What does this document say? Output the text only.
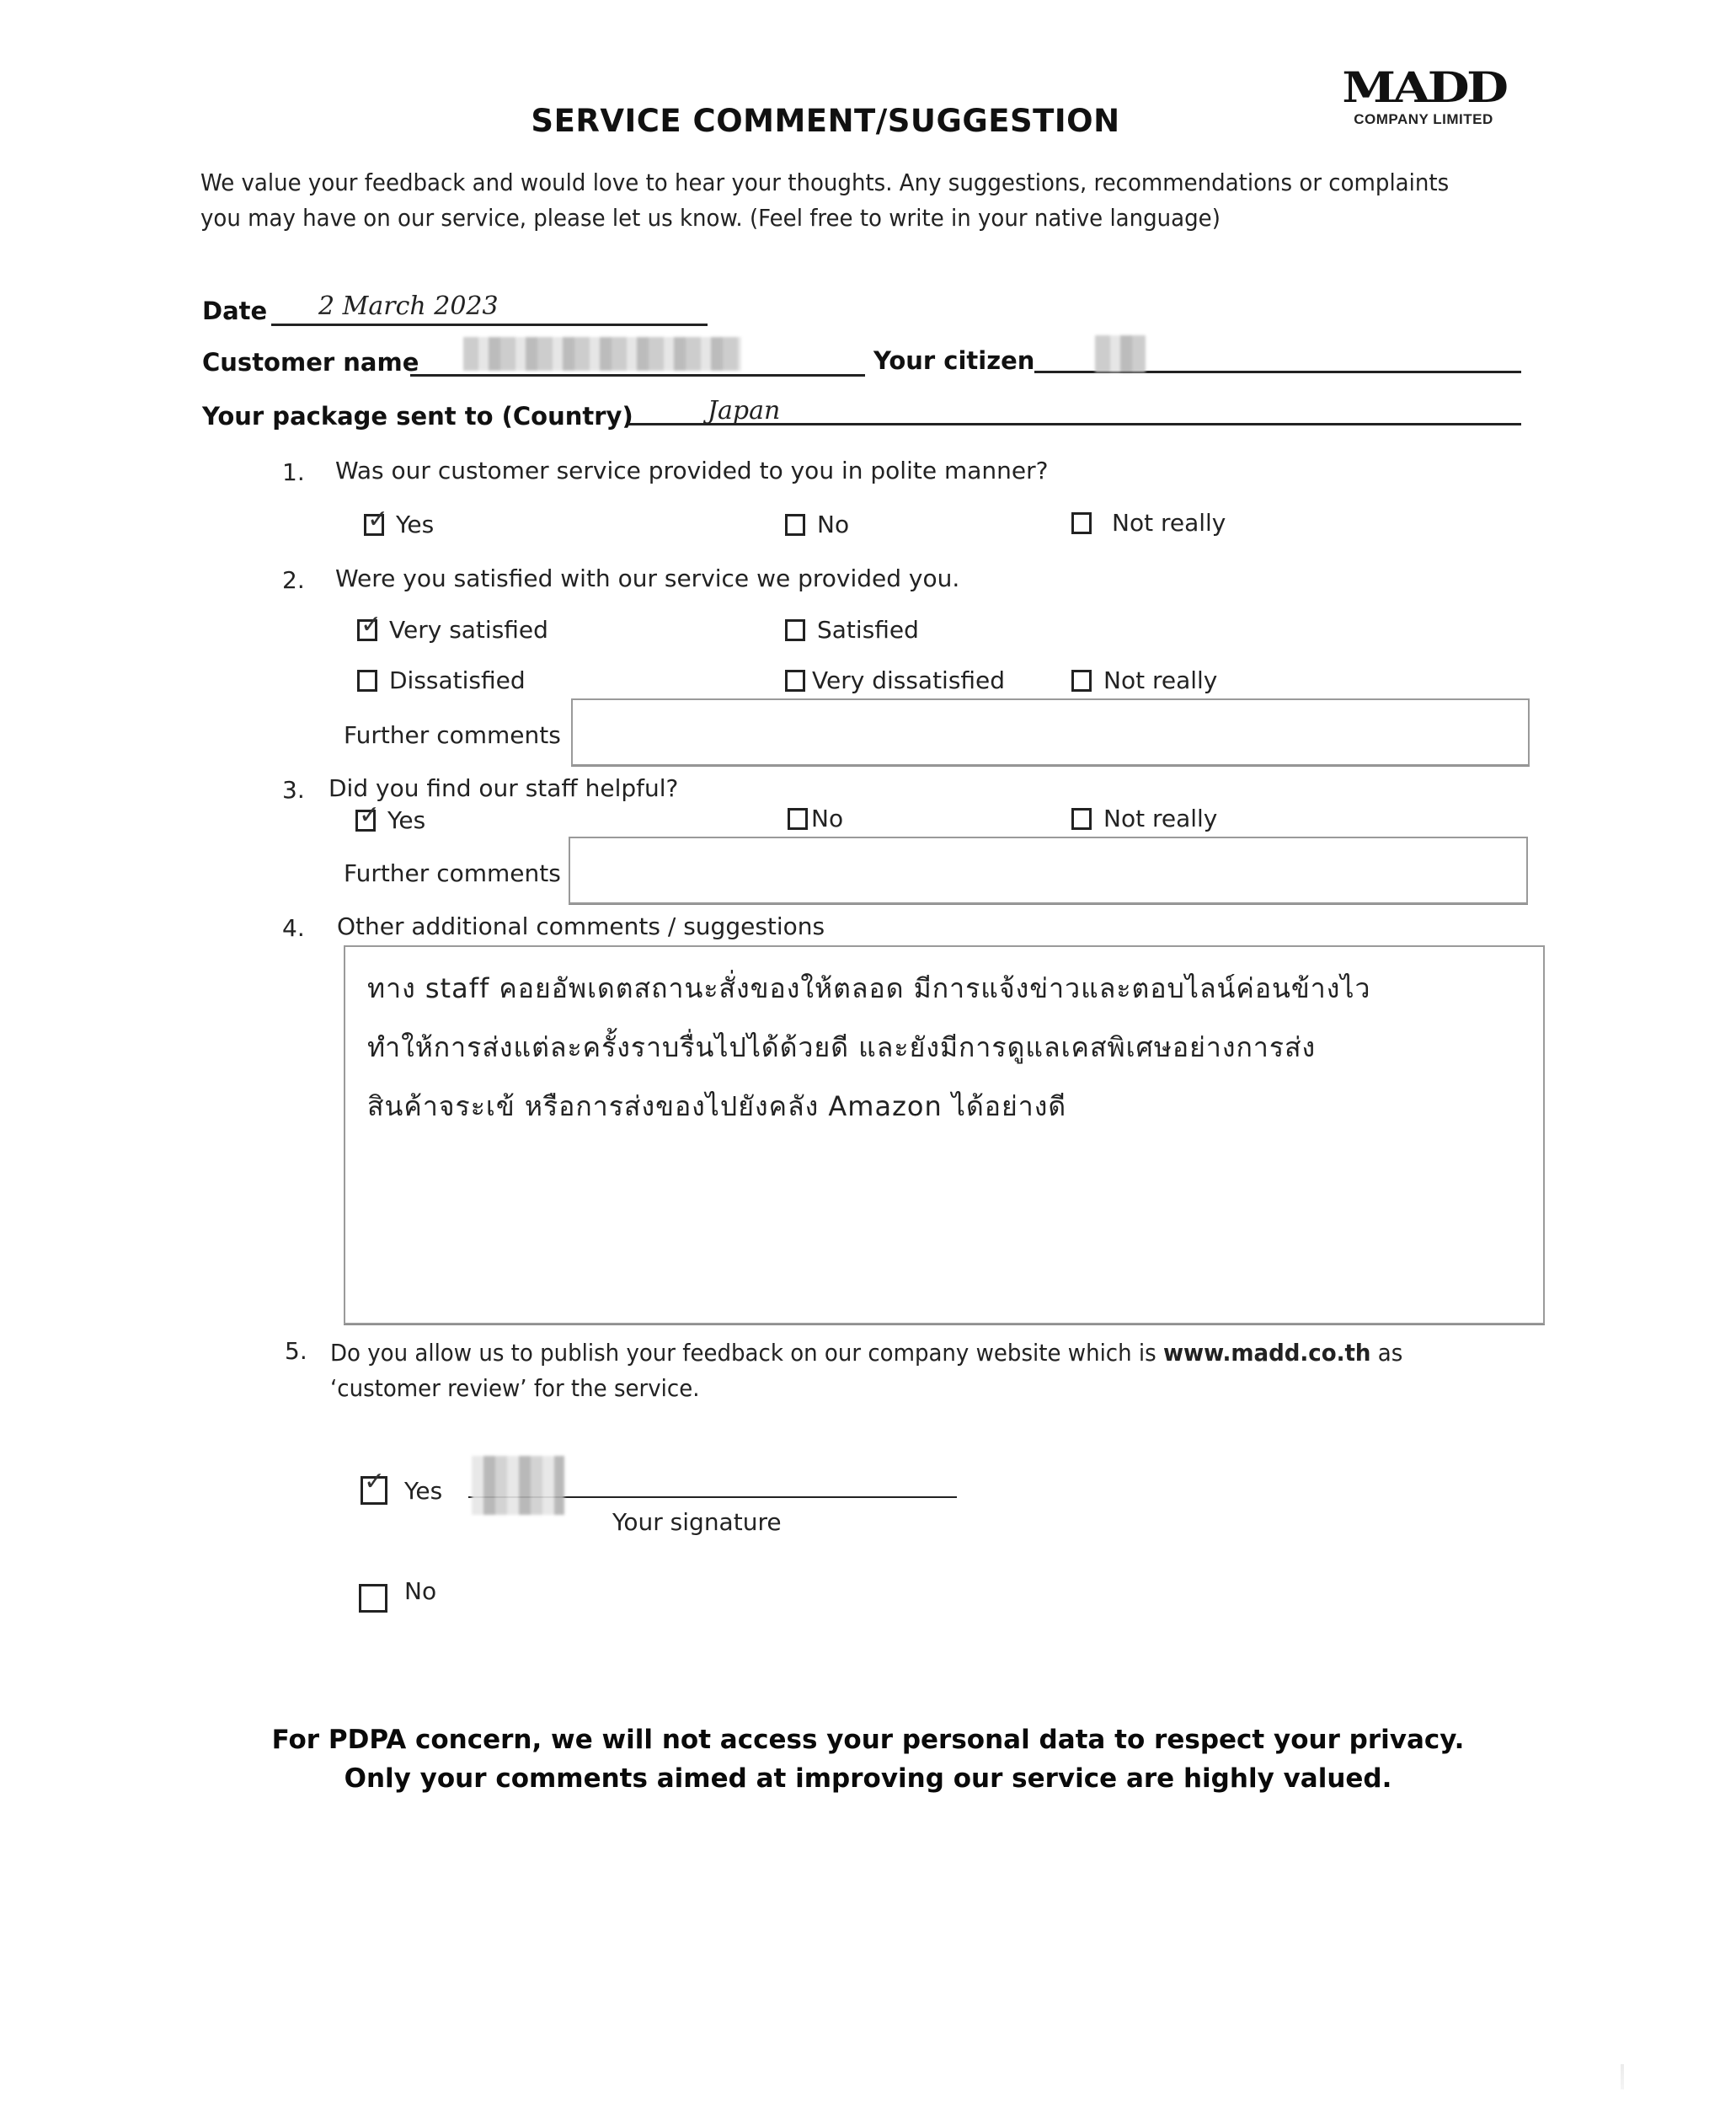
MADD
COMPANY LIMITED
SERVICE COMMENT/SUGGESTION
We value your feedback and would love to hear your thoughts. Any suggestions, recommendations or complaints you may have on our service, please let us know. (Feel free to write in your native language)
Date 2 March 2023
Customer name	Your citizen
Your package sent to (Country)	Japan
1. Was our customer service provided to you in polite manner?
✓
Yes	No	Not really
2. Were you satisfied with our service we provided you.
✓
Very satisfied	Satisfied
Dissatisfied	Very dissatisfied	Not really
Further comments
3. Did you find our staff helpful?
✓
Yes	No	Not really
Further comments
4. Other additional comments / suggestions
ทาง staff คอยอัพเดตสถานะสั่งของให้ตลอด มีการแจ้งข่าวและตอบไลน์ค่อนข้างไว
ทำให้การส่งแต่ละครั้งราบรื่นไปได้ด้วยดี และยังมีการดูแลเคสพิเศษอย่างการส่ง
สินค้าจระเข้ หรือการส่งของไปยังคลัง Amazon ได้อย่างดี
5. Do you allow us to publish your feedback on our company website which is www.madd.co.th as ‘customer review’ for the service.
✓
Yes
Your signature
No
For PDPA concern, we will not access your personal data to respect your privacy.
Only your comments aimed at improving our service are highly valued.
